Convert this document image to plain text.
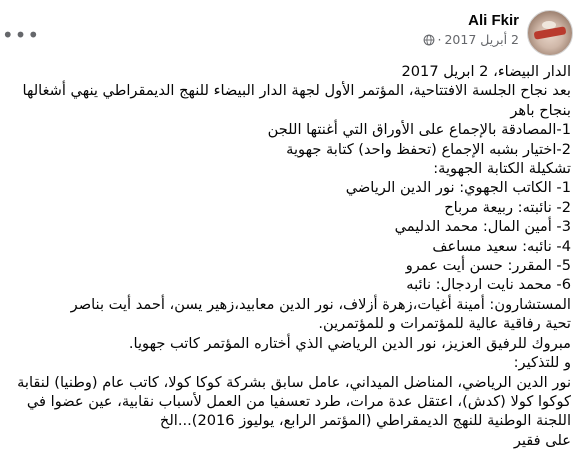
•••
Ali Fkir
2 أبريل 2017
·
الدار البيضاء، 2 ابريل 2017
بعد نجاح الجلسة الافتتاحية، المؤتمر الأول لجهة الدار البيضاء للنهج الديمقراطي ينهي أشغالها بنجاح باهر
1-المصادقة بالإجماع على الأوراق التي أغنتها اللجن
2-اختيار بشبه الإجماع (تحفظ واحد) كتابة جهوية
تشكيلة الكتابة الجهوية:
1- الكاتب الجهوي: نور الدين الرياضي
2- نائبته: ربيعة مرباح
3- أمين المال: محمد الدليمي
4- نائبه: سعيد مساعف
5- المقرر: حسن أيت عمرو
6- محمد نايت اردجال: نائبه
المستشارون: أمينة أغيات،زهرة أزلاف، نور الدين معابيد،زهير يسن، أحمد أيت بناصر
تحية رفاقية عالية للمؤتمرات و للمؤتمرين.
مبروك للرفيق العزيز، نور الدين الرياضي الذي أختاره المؤتمر كاتب جهويا.
و للتذكير:
نور الدين الرياضي، المناضل الميداني، عامل سابق بشركة كوكا كولا، كاتب عام (وطنيا) لنقابة كوكوا كولا (كدش)، اعتقل عدة مرات، طرد تعسفيا من العمل لأسباب نقابية، عين عضوا في اللجنة الوطنية للنهج الديمقراطي (المؤتمر الرابع، يوليوز 2016)...الخ
على فقير
